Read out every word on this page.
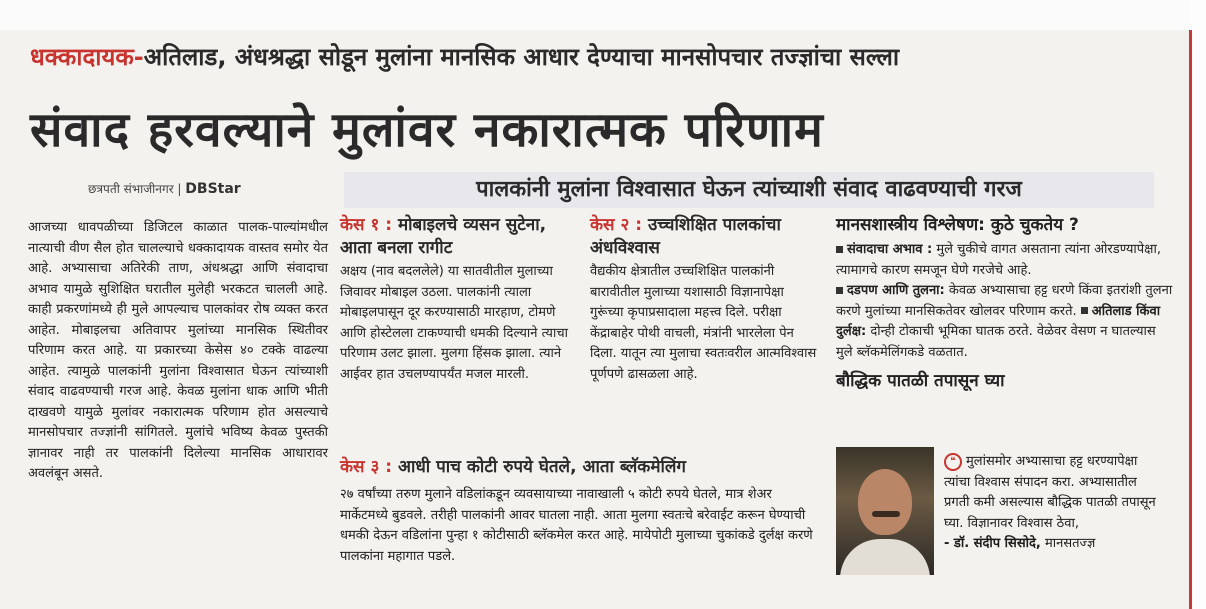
धक्कादायक-अतिलाड, अंधश्रद्धा सोडून मुलांना मानसिक आधार देण्याचा मानसोपचार तज्ज्ञांचा सल्ला
संवाद हरवल्याने मुलांवर नकारात्मक परिणाम
छत्रपती संभाजीनगर | DBStar	पालकांनी मुलांना विश्वासात घेऊन त्यांच्याशी संवाद वाढवण्याची गरज
आजच्या धावपळीच्या डिजिटल काळात पालक-पाल्यांमधील नात्याची वीण सैल होत चालल्याचे धक्कादायक वास्तव समोर येत आहे. अभ्यासाचा अतिरेकी ताण, अंधश्रद्धा आणि संवादाचा अभाव यामुळे सुशिक्षित घरातील मुलेही भरकटत चालली आहे. काही प्रकरणांमध्ये ही मुले आपल्याच पालकांवर रोष व्यक्त करत आहेत. मोबाइलचा अतिवापर मुलांच्या मानसिक स्थितीवर परिणाम करत आहे. या प्रकारच्या केसेस ४० टक्के वाढल्या आहेत. त्यामुळे पालकांनी मुलांना विश्वासात घेऊन त्यांच्याशी संवाद वाढवण्याची गरज आहे. केवळ मुलांना धाक आणि भीती दाखवणे यामुळे मुलांवर नकारात्मक परिणाम होत असल्याचे मानसोपचार तज्ज्ञांनी सांगितले. मुलांचे भविष्य केवळ पुस्तकी ज्ञानावर नाही तर पालकांनी दिलेल्या मानसिक आधारावर अवलंबून असते.
केस १ : मोबाइलचे व्यसन सुटेना, आता बनला रागीट
अक्षय (नाव बदललेले) या सातवीतील मुलाच्या जिवावर मोबाइल उठला. पालकांनी त्याला मोबाइलपासून दूर करण्यासाठी मारहाण, टोमणे आणि होस्टेलला टाकण्याची धमकी दिल्याने त्याचा परिणाम उलट झाला. मुलगा हिंसक झाला. त्याने आईवर हात उचलण्यापर्यंत मजल मारली.
केस २ : उच्चशिक्षित पालकांचा अंधविश्वास
वैद्यकीय क्षेत्रातील उच्चशिक्षित पालकांनी बारावीतील मुलाच्या यशासाठी विज्ञानापेक्षा गुरूंच्या कृपाप्रसादाला महत्त्व दिले. परीक्षा केंद्राबाहेर पोथी वाचली, मंत्रांनी भारलेला पेन दिला. यातून त्या मुलाचा स्वतःवरील आत्मविश्वास पूर्णपणे ढासळला आहे.
केस ३ : आधी पाच कोटी रुपये घेतले, आता ब्लॅकमेलिंग
२७ वर्षांच्या तरुण मुलाने वडिलांकडून व्यवसायाच्या नावाखाली ५ कोटी रुपये घेतले, मात्र शेअर मार्केटमध्ये बुडवले. तरीही पालकांनी आवर घातला नाही. आता मुलगा स्वतःचे बरेवाईट करून घेण्याची धमकी देऊन वडिलांना पुन्हा १ कोटीसाठी ब्लॅकमेल करत आहे. मायेपोटी मुलाच्या चुकांकडे दुर्लक्ष करणे पालकांना महागात पडले.
मानसशास्त्रीय विश्लेषण: कुठे चुकतेय ?
संवादाचा अभाव : मुले चुकीचे वागत असताना त्यांना ओरडण्यापेक्षा, त्यामागचे कारण समजून घेणे गरजेचे आहे.
दडपण आणि तुलना: केवळ अभ्यासाचा हट्ट धरणे किंवा इतरांशी तुलना करणे मुलांच्या मानसिकतेवर खोलवर परिणाम करते. अतिलाड किंवा दुर्लक्ष: दोन्ही टोकाची भूमिका घातक ठरते. वेळेवर वेसण न घातल्यास मुले ब्लॅकमेलिंगकडे वळतात.
बौद्धिक पातळी तपासून घ्या
❝ मुलांसमोर अभ्यासाचा हट्ट धरण्यापेक्षा त्यांचा विश्वास संपादन करा. अभ्यासातील प्रगती कमी असल्यास बौद्धिक पातळी तपासून घ्या. विज्ञानावर विश्वास ठेवा,
- डॉ. संदीप सिसोदे, मानसतज्ज्ञ
